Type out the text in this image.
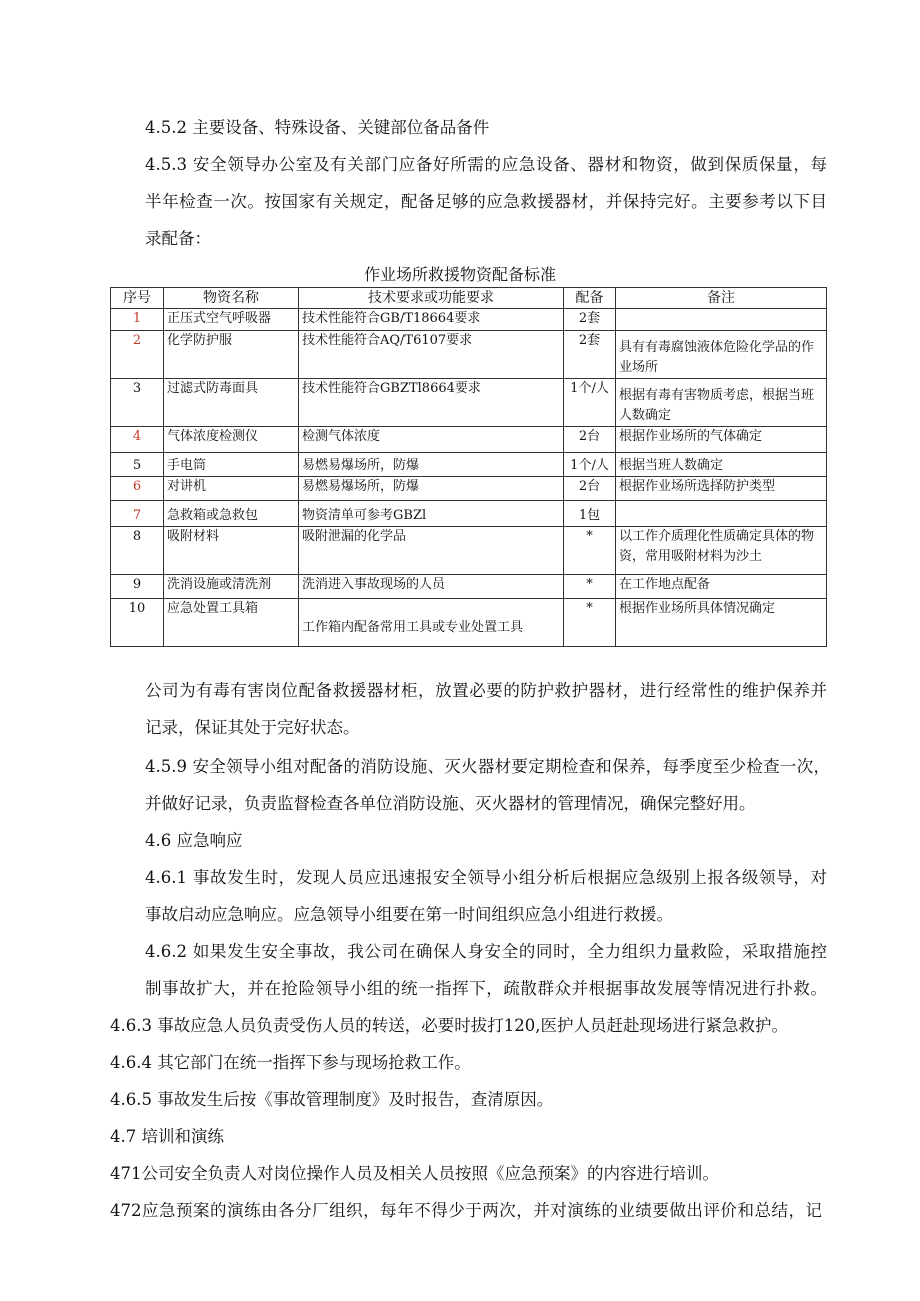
4.5.2 主要设备、特殊设备、关键部位备品备件
4.5.3 安全领导办公室及有关部门应备好所需的应急设备、器材和物资，做到保质保量，每
半年检查一次。按国家有关规定，配备足够的应急救援器材，并保持完好。主要参考以下目
录配备：
作业场所救援物资配备标准
序号	物资名称	技术要求或功能要求	配备	备注
1	正压式空气呼吸器	技术性能符合GB/T18664要求	2套	
2	化学防护服	技术性能符合AQ/T6107要求	2套	具有有毒腐蚀液体危险化学品的作业场所
3	过滤式防毒面具	技术性能符合GBZTl8664要求	1个/人	根据有毒有害物质考虑，根据当班人数确定
4	气体浓度检测仪	检测气体浓度	2台	根据作业场所的气体确定
5	手电筒	易燃易爆场所，防爆	1个/人	根据当班人数确定
6	对讲机	易燃易爆场所，防爆	2台	根据作业场所选择防护类型
7	急救箱或急救包	物资清单可参考GBZl	1包	
8	吸附材料	吸附泄漏的化学品	*	以工作介质理化性质确定具体的物资，常用吸附材料为沙土
9	洗消设施或清洗剂	洗消进入事故现场的人员	*	在工作地点配备
10	应急处置工具箱	工作箱内配备常用工具或专业处置工具	*	根据作业场所具体情况确定
公司为有毒有害岗位配备救援器材柜，放置必要的防护救护器材，进行经常性的维护保养并
记录，保证其处于完好状态。
4.5.9 安全领导小组对配备的消防设施、灭火器材要定期检查和保养，每季度至少检查一次，
并做好记录，负责监督检查各单位消防设施、灭火器材的管理情况，确保完整好用。
4.6 应急响应
4.6.1 事故发生时，发现人员应迅速报安全领导小组分析后根据应急级别上报各级领导，对
事故启动应急响应。应急领导小组要在第一时间组织应急小组进行救援。
4.6.2 如果发生安全事故，我公司在确保人身安全的同时，全力组织力量救险，采取措施控
制事故扩大，并在抢险领导小组的统一指挥下，疏散群众并根据事故发展等情况进行扑救。
4.6.3 事故应急人员负责受伤人员的转送，必要时拔打120,医护人员赶赴现场进行紧急救护。
4.6.4 其它部门在统一指挥下参与现场抢救工作。
4.6.5 事故发生后按《事故管理制度》及时报告，查清原因。
4.7 培训和演练
471公司安全负责人对岗位操作人员及相关人员按照《应急预案》的内容进行培训。
472应急预案的演练由各分厂组织，每年不得少于两次，并对演练的业绩要做出评价和总结，记
